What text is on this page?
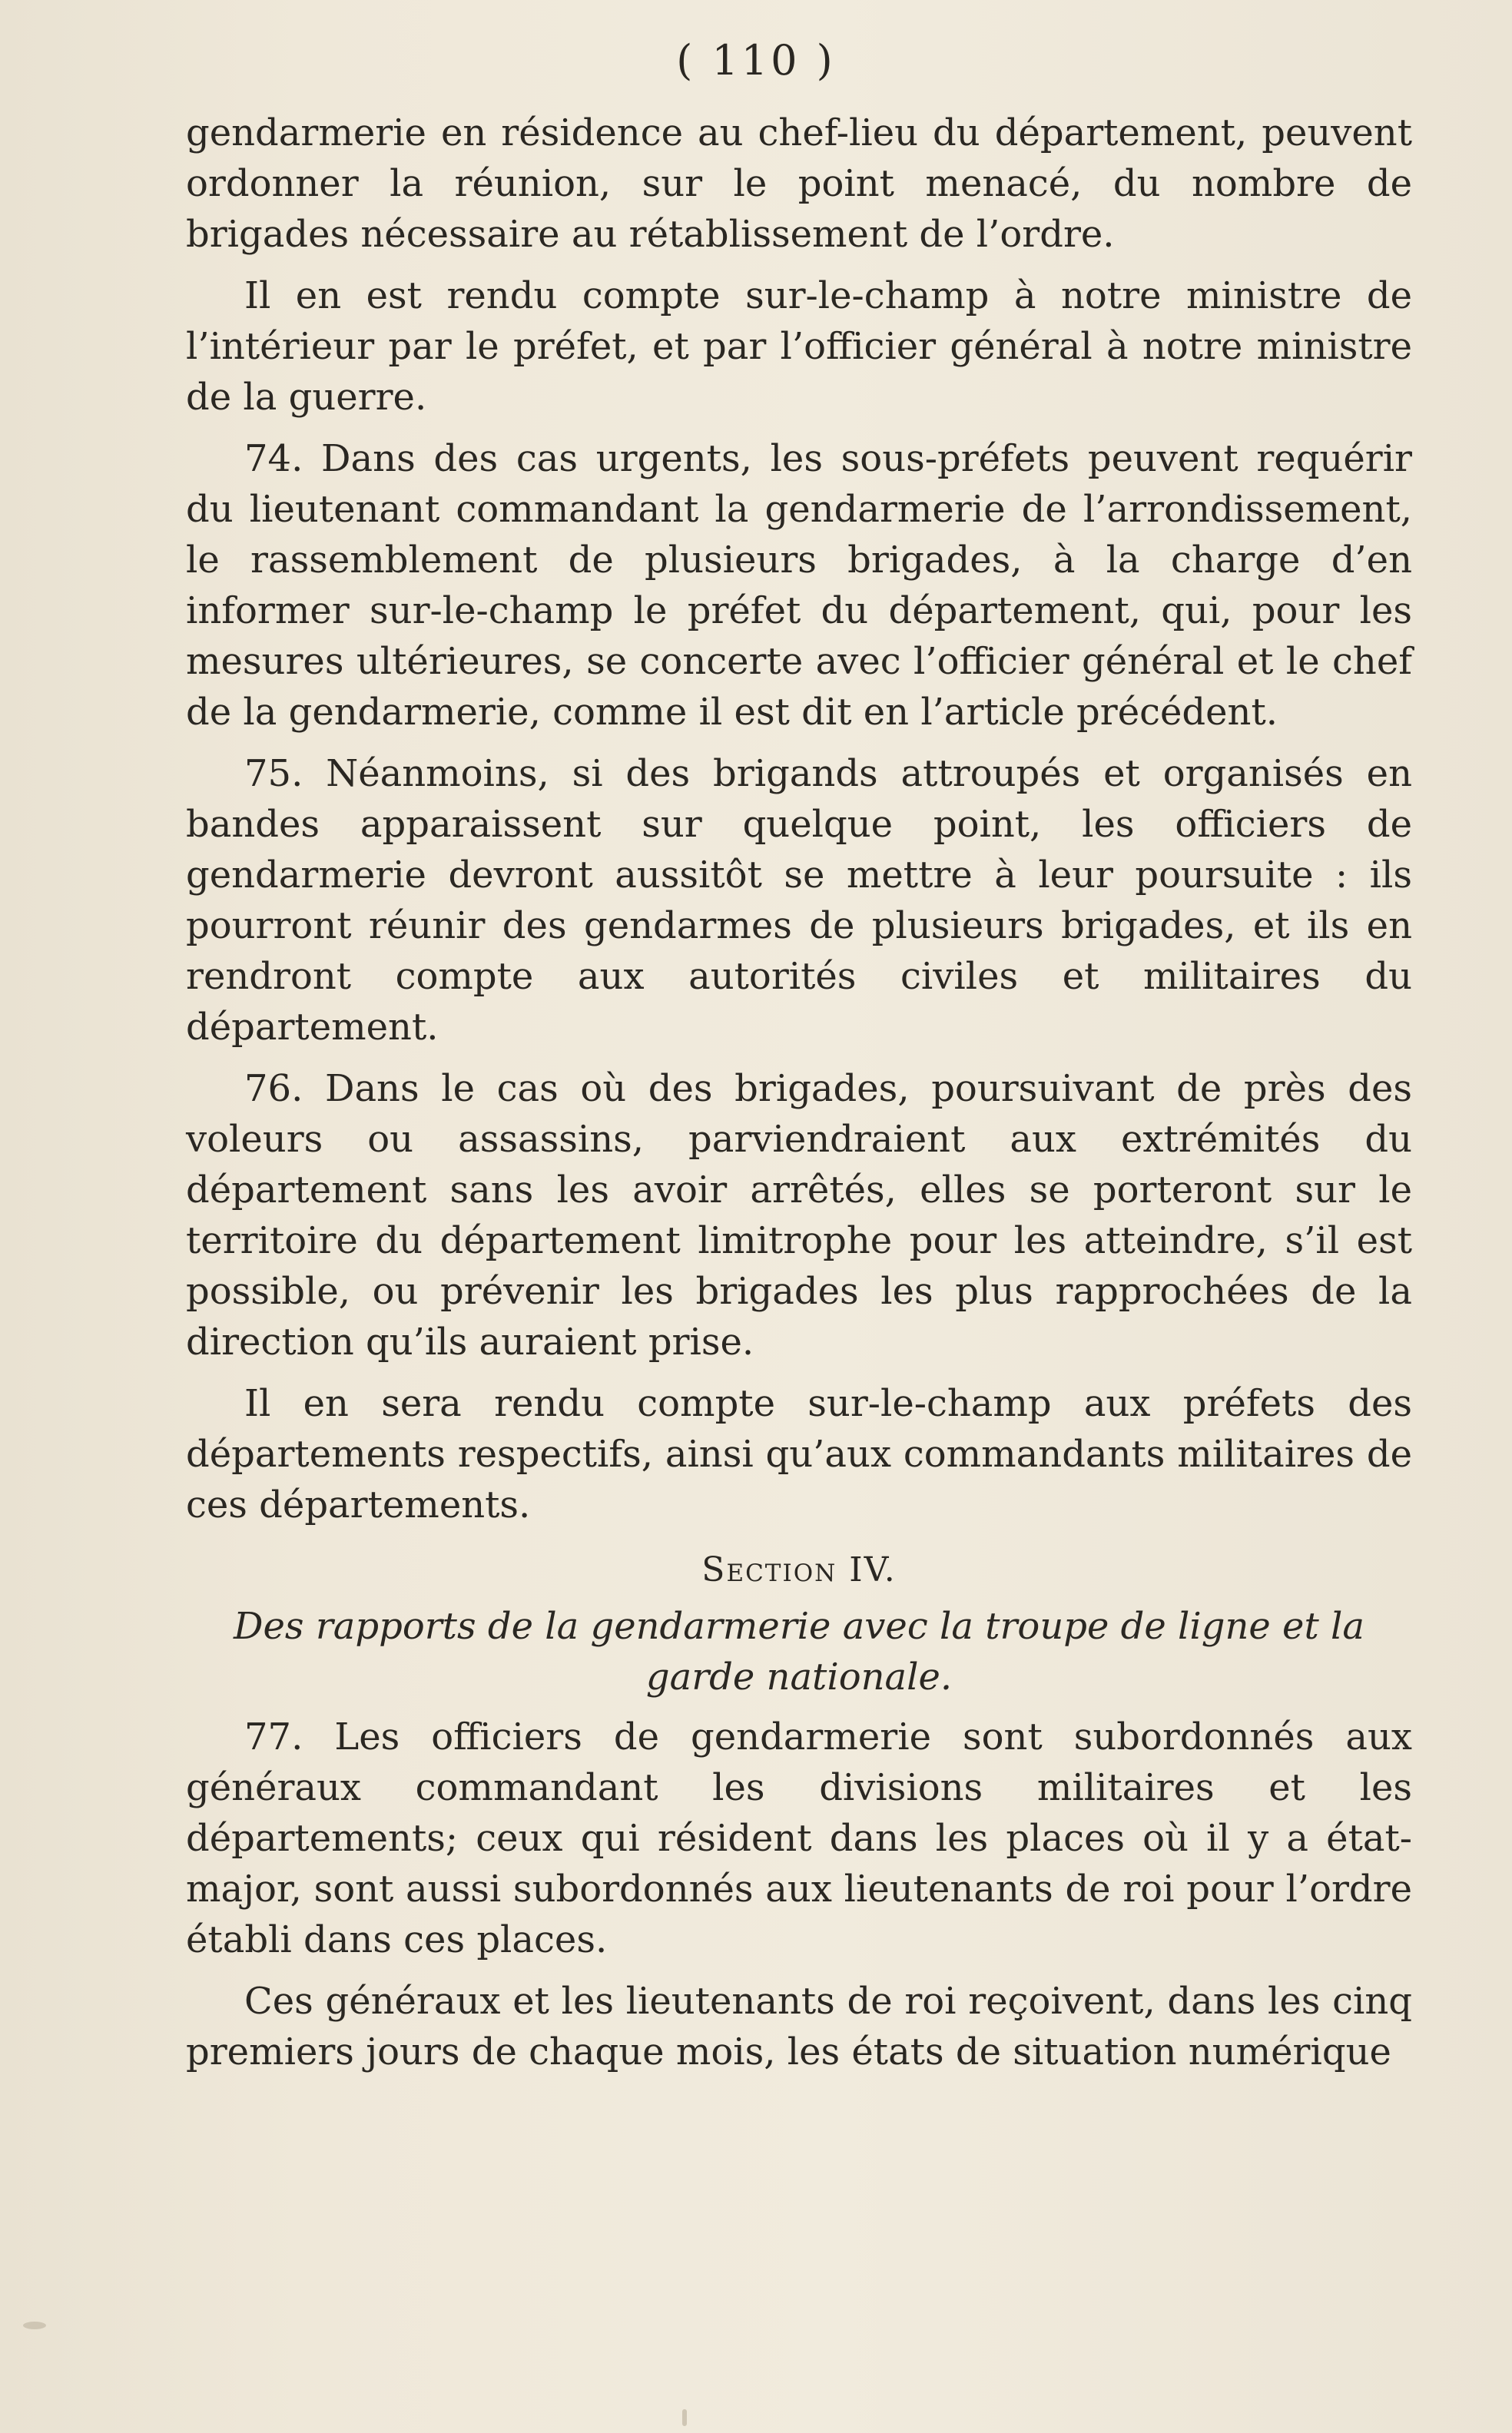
( 110 )

gendarmerie en résidence au chef-lieu du département, peuvent ordonner la réunion, sur le point menacé, du nombre de brigades nécessaire au rétablissement de l’ordre.

Il en est rendu compte sur-le-champ à notre ministre de l’intérieur par le préfet, et par l’officier général à notre ministre de la guerre.

74. Dans des cas urgents, les sous-préfets peuvent requérir du lieutenant commandant la gendarmerie de l’arrondissement, le rassemblement de plusieurs brigades, à la charge d’en informer sur-le-champ le préfet du département, qui, pour les mesures ultérieures, se concerte avec l’officier général et le chef de la gendarmerie, comme il est dit en l’article précédent.

75. Néanmoins, si des brigands attroupés et organisés en bandes apparaissent sur quelque point, les officiers de gendarmerie devront aussitôt se mettre à leur poursuite : ils pourront réunir des gendarmes de plusieurs brigades, et ils en rendront compte aux autorités civiles et militaires du département.

76. Dans le cas où des brigades, poursuivant de près des voleurs ou assassins, parviendraient aux extrémités du département sans les avoir arrêtés, elles se porteront sur le territoire du département limitrophe pour les atteindre, s’il est possible, ou prévenir les brigades les plus rapprochées de la direction qu’ils auraient prise.

Il en sera rendu compte sur-le-champ aux préfets des départements respectifs, ainsi qu’aux commandants militaires de ces départements.

Section IV.
Des rapports de la gendarmerie avec la troupe de ligne et la garde nationale.

77. Les officiers de gendarmerie sont subordonnés aux généraux commandant les divisions militaires et les départements; ceux qui résident dans les places où il y a état-major, sont aussi subordonnés aux lieutenants de roi pour l’ordre établi dans ces places.

Ces généraux et les lieutenants de roi reçoivent, dans les cinq premiers jours de chaque mois, les états de situation numérique
